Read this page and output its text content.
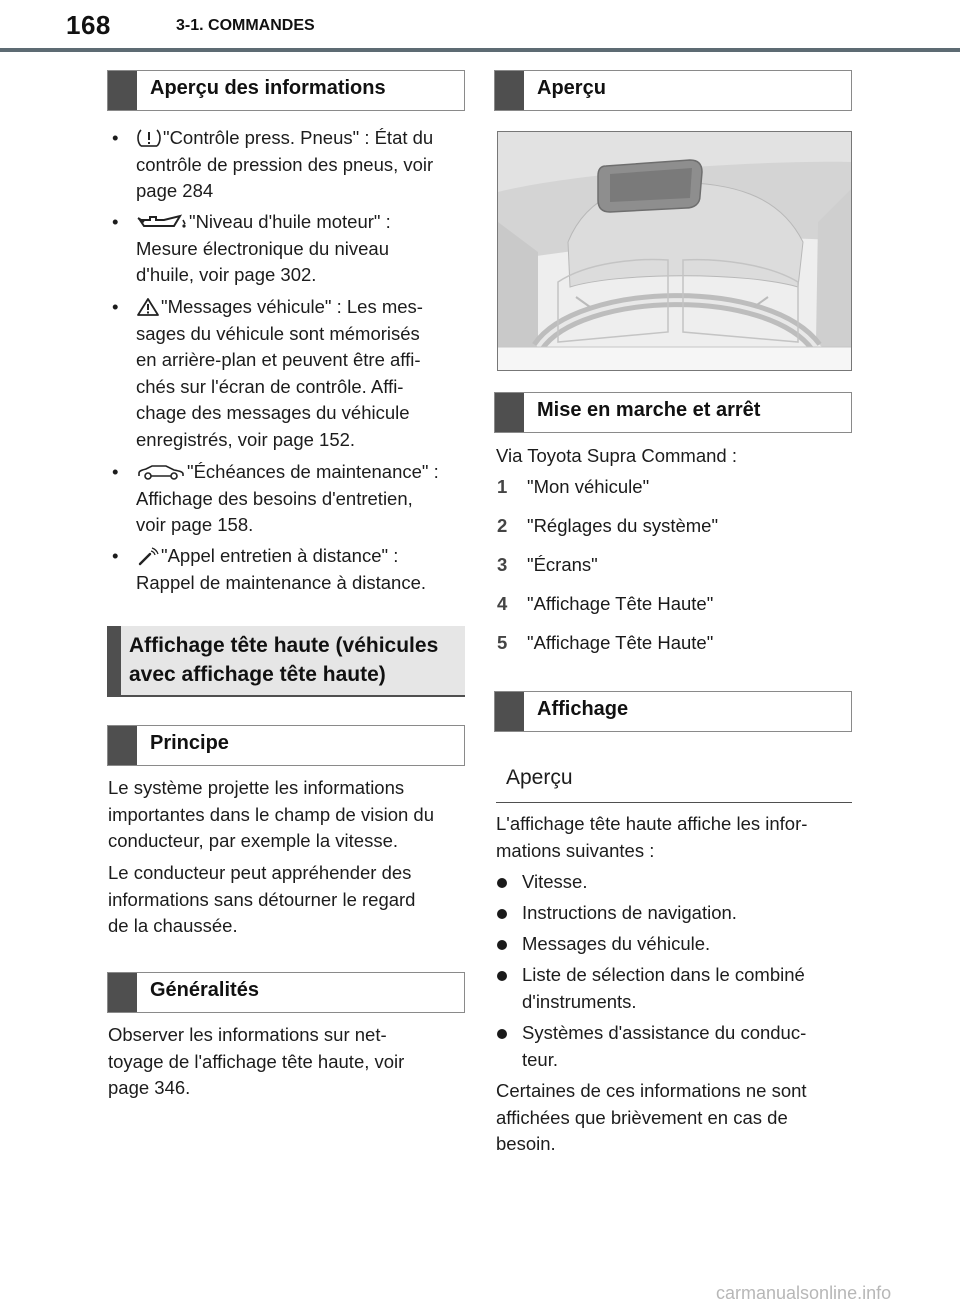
168	3-1. COMMANDES
Aperçu des informations
•	"Contrôle press. Pneus" : État du
contrôle de pression des pneus, voir
page 284
•	"Niveau d'huile moteur" :
Mesure électronique du niveau
d'huile, voir page 302.
•	"Messages véhicule" : Les mes-
sages du véhicule sont mémorisés
en arrière-plan et peuvent être affi-
chés sur l'écran de contrôle. Affi-
chage des messages du véhicule
enregistrés, voir page 152.
•	"Échéances de maintenance" :
Affichage des besoins d'entretien,
voir page 158.
•	"Appel entretien à distance" :
Rappel de maintenance à distance.
Affichage tête haute (véhicules
avec affichage tête haute)
Principe
Le système projette les informations
importantes dans le champ de vision du
conducteur, par exemple la vitesse.
Le conducteur peut appréhender des
informations sans détourner le regard
de la chaussée.
Généralités
Observer les informations sur net-
toyage de l'affichage tête haute, voir
page 346.
Aperçu
Mise en marche et arrêt
Via Toyota Supra Command :
1 "Mon véhicule"
2 "Réglages du système"
3 "Écrans"
4 "Affichage Tête Haute"
5 "Affichage Tête Haute"
Affichage
Aperçu
L'affichage tête haute affiche les infor-
mations suivantes :
Vitesse.
Instructions de navigation.
Messages du véhicule.
Liste de sélection dans le combiné
d'instruments.
Systèmes d'assistance du conduc-
teur.
Certaines de ces informations ne sont
affichées que brièvement en cas de
besoin.
carmanualsonline.info
